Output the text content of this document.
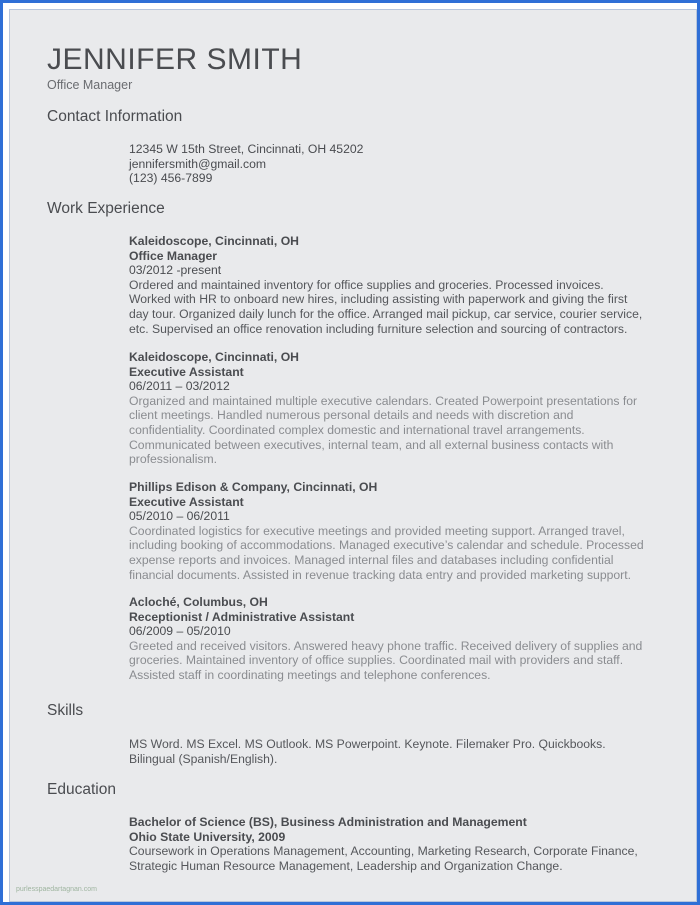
JENNIFER SMITH
Office Manager
Contact Information
12345 W 15th Street, Cincinnati, OH 45202
jennifersmith@gmail.com
(123) 456-7899
Work Experience
Kaleidoscope, Cincinnati, OH
Office Manager
03/2012 -present
Ordered and maintained inventory for office supplies and groceries. Processed invoices.
Worked with HR to onboard new hires, including assisting with paperwork and giving the first
day tour. Organized daily lunch for the office. Arranged mail pickup, car service, courier service,
etc. Supervised an office renovation including furniture selection and sourcing of contractors.
Kaleidoscope, Cincinnati, OH
Executive Assistant
06/2011 – 03/2012
Organized and maintained multiple executive calendars. Created Powerpoint presentations for
client meetings. Handled numerous personal details and needs with discretion and
confidentiality. Coordinated complex domestic and international travel arrangements.
Communicated between executives, internal team, and all external business contacts with
professionalism.
Phillips Edison & Company, Cincinnati, OH
Executive Assistant
05/2010 – 06/2011
Coordinated logistics for executive meetings and provided meeting support. Arranged travel,
including booking of accommodations. Managed executive’s calendar and schedule. Processed
expense reports and invoices. Managed internal files and databases including confidential
financial documents. Assisted in revenue tracking data entry and provided marketing support.
Acloché, Columbus, OH
Receptionist / Administrative Assistant
06/2009 – 05/2010
Greeted and received visitors. Answered heavy phone traffic. Received delivery of supplies and
groceries. Maintained inventory of office supplies. Coordinated mail with providers and staff.
Assisted staff in coordinating meetings and telephone conferences.
Skills
MS Word. MS Excel. MS Outlook. MS Powerpoint. Keynote. Filemaker Pro. Quickbooks.
Bilingual (Spanish/English).
Education
Bachelor of Science (BS), Business Administration and Management
Ohio State University, 2009
Coursework in Operations Management, Accounting, Marketing Research, Corporate Finance,
Strategic Human Resource Management, Leadership and Organization Change.
purlesspaedartagnan.com
